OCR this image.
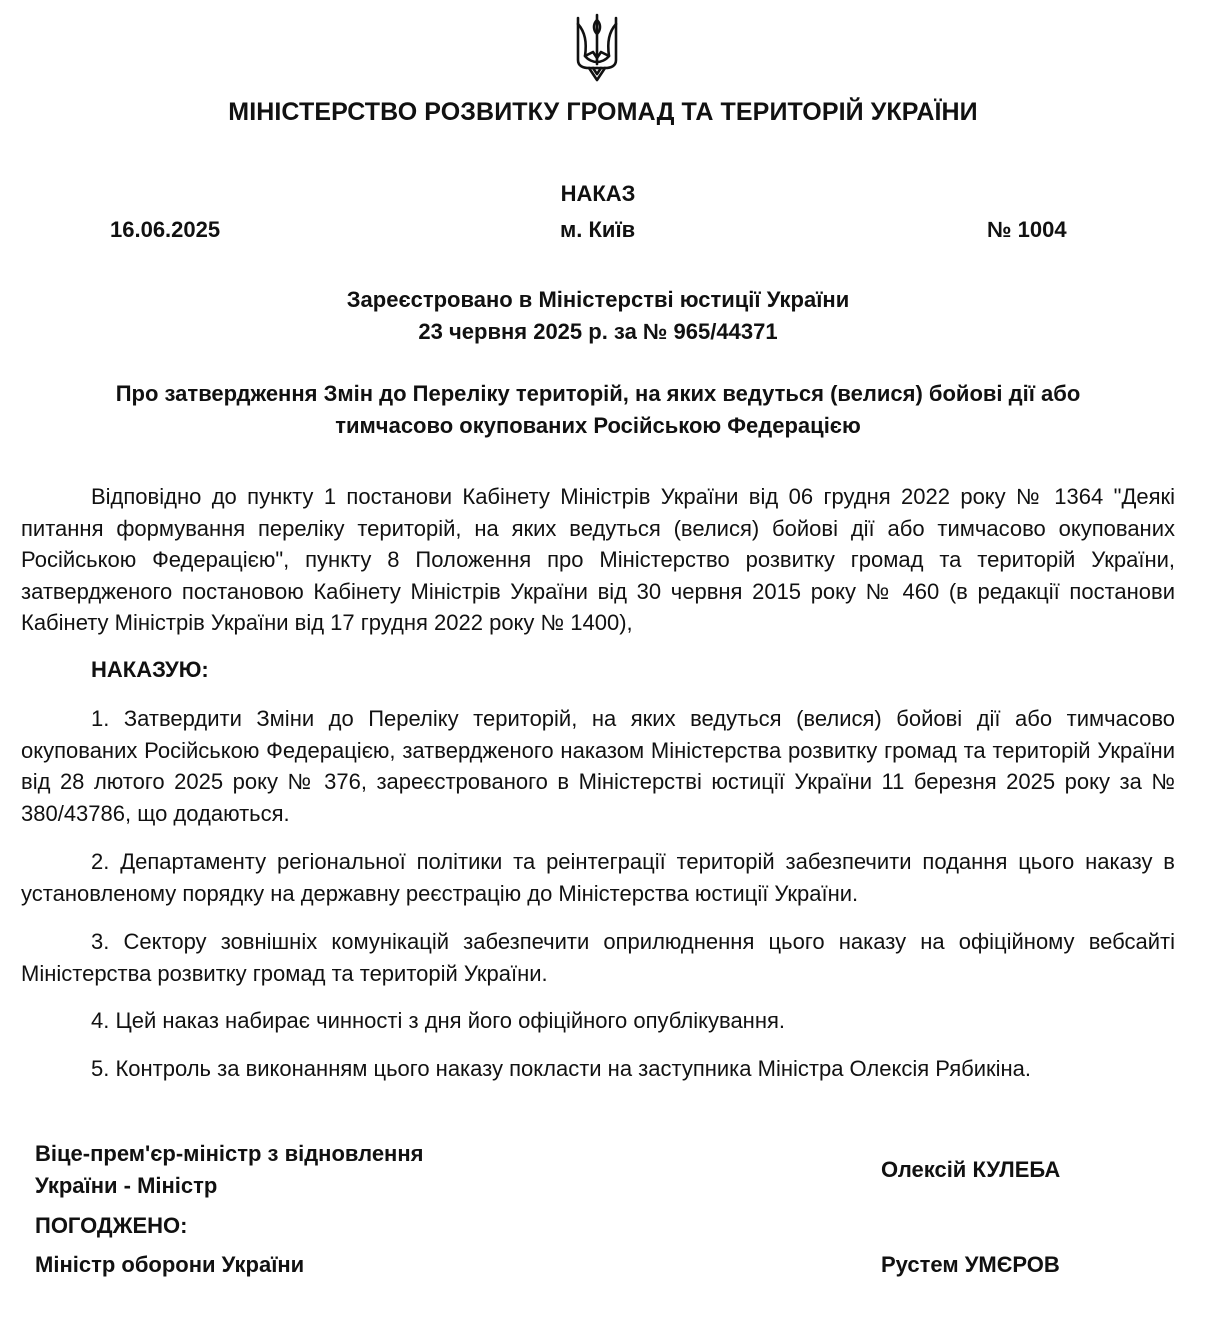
МІНІСТЕРСТВО РОЗВИТКУ ГРОМАД ТА ТЕРИТОРІЙ УКРАЇНИ
НАКАЗ
16.06.2025	м. Київ	№ 1004
Зареєстровано в Міністерстві юстиції України
23 червня 2025 р. за № 965/44371
Про затвердження Змін до Переліку територій, на яких ведуться (велися) бойові дії або
тимчасово окупованих Російською Федерацією
Відповідно до пункту 1 постанови Кабінету Міністрів України від 06 грудня 2022 року № 1364 "Деякі питання формування переліку територій, на яких ведуться (велися) бойові дії або тимчасово окупованих Російською Федерацією", пункту 8 Положення про Міністерство розвитку громад та територій України, затвердженого постановою Кабінету Міністрів України від 30 червня 2015 року № 460 (в редакції постанови Кабінету Міністрів України від 17 грудня 2022 року № 1400),
НАКАЗУЮ:
1. Затвердити Зміни до Переліку територій, на яких ведуться (велися) бойові дії або тимчасово окупованих Російською Федерацією, затвердженого наказом Міністерства розвитку громад та територій України від 28 лютого 2025 року № 376, зареєстрованого в Міністерстві юстиції України 11 березня 2025 року за № 380/43786, що додаються.
2. Департаменту регіональної політики та реінтеграції територій забезпечити подання цього наказу в установленому порядку на державну реєстрацію до Міністерства юстиції України.
3. Сектору зовнішніх комунікацій забезпечити оприлюднення цього наказу на офіційному вебсайті Міністерства розвитку громад та територій України.
4. Цей наказ набирає чинності з дня його офіційного опублікування.
5. Контроль за виконанням цього наказу покласти на заступника Міністра Олексія Рябикіна.
Віце-прем'єр-міністр з відновлення
України - Міністр
Олексій КУЛЕБА
ПОГОДЖЕНО:
Міністр оборони України	Рустем УМЄРОВ
